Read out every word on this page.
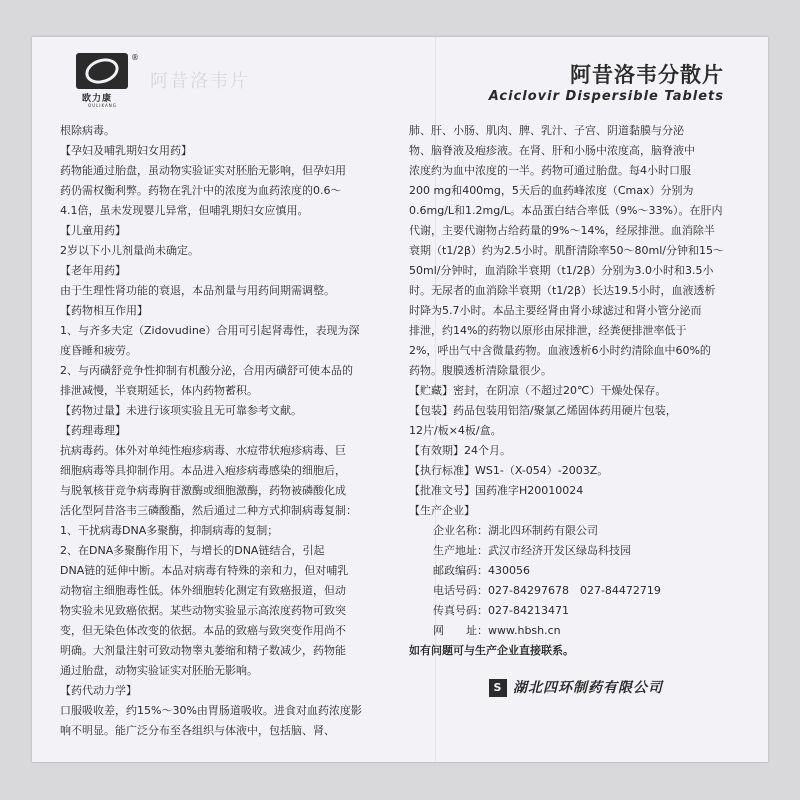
®
欧力康
OULIKANG
阿昔洛韦片	阿昔洛韦分散片
Aciclovir Dispersible Tablets

根除病毒。

【孕妇及哺乳期妇女用药】

药物能通过胎盘，虽动物实验证实对胚胎无影响，但孕妇用

药仍需权衡利弊。药物在乳汁中的浓度为血药浓度的0.6～

4.1倍，虽未发现婴儿异常，但哺乳期妇女应慎用。

【儿童用药】

2岁以下小儿剂量尚未确定。

【老年用药】

由于生理性肾功能的衰退，本品剂量与用药间期需调整。

【药物相互作用】

1、与齐多夫定（Zidovudine）合用可引起肾毒性，表现为深

度昏睡和疲劳。

2、与丙磺舒竞争性抑制有机酸分泌，合用丙磺舒可使本品的

排泄减慢，半衰期延长，体内药物蓄积。

【药物过量】未进行该项实验且无可靠参考文献。

【药理毒理】

抗病毒药。体外对单纯性疱疹病毒、水痘带状疱疹病毒、巨

细胞病毒等具抑制作用。本品进入疱疹病毒感染的细胞后，

与脱氧核苷竞争病毒胸苷激酶或细胞激酶，药物被磷酸化成

活化型阿昔洛韦三磷酸酯，然后通过二种方式抑制病毒复制：

1、干扰病毒DNA多聚酶，抑制病毒的复制；

2、在DNA多聚酶作用下，与增长的DNA链结合，引起

DNA链的延伸中断。本品对病毒有特殊的亲和力，但对哺乳

动物宿主细胞毒性低。体外细胞转化测定有致癌报道，但动

物实验未见致癌依据。某些动物实验显示高浓度药物可致突

变，但无染色体改变的依据。本品的致癌与致突变作用尚不

明确。大剂量注射可致动物睾丸萎缩和精子数减少，药物能

通过胎盘，动物实验证实对胚胎无影响。

【药代动力学】

口服吸收差，约15%～30%由胃肠道吸收。进食对血药浓度影

响不明显。能广泛分布至各组织与体液中，包括脑、肾、

肺、肝、小肠、肌肉、脾、乳汁、子宫、阴道黏膜与分泌

物、脑脊液及疱疹液。在肾、肝和小肠中浓度高，脑脊液中

浓度约为血中浓度的一半。药物可通过胎盘。每4小时口服

200 mg和400mg，5天后的血药峰浓度（Cmax）分别为

0.6mg/L和1.2mg/L。本品蛋白结合率低（9%～33%）。在肝内

代谢，主要代谢物占给药量的9%～14%，经尿排泄。血消除半

衰期（t1/2β）约为2.5小时。肌酐清除率50～80ml/分钟和15～

50ml/分钟时，血消除半衰期（t1/2β）分别为3.0小时和3.5小

时。无尿者的血消除半衰期（t1/2β）长达19.5小时，血液透析

时降为5.7小时。本品主要经肾由肾小球滤过和肾小管分泌而

排泄，约14%的药物以原形由尿排泄，经粪便排泄率低于

2%，呼出气中含微量药物。血液透析6小时约清除血中60%的

药物。腹膜透析清除量很少。

【贮藏】密封，在阴凉（不超过20℃）干燥处保存。

【包装】药品包装用铝箔/聚氯乙烯固体药用硬片包装，

12片/板×4板/盒。

【有效期】24个月。

【执行标准】WS1-（X-054）-2003Z。

【批准文号】国药准字H20010024

【生产企业】

企业名称：湖北四环制药有限公司

生产地址：武汉市经济开发区绿岛科技园

邮政编码：430056

电话号码：027-84297678　027-84472719

传真号码：027-84213471

网　　址：www.hbsh.cn

如有问题可与生产企业直接联系。

S 湖北四环制药有限公司
